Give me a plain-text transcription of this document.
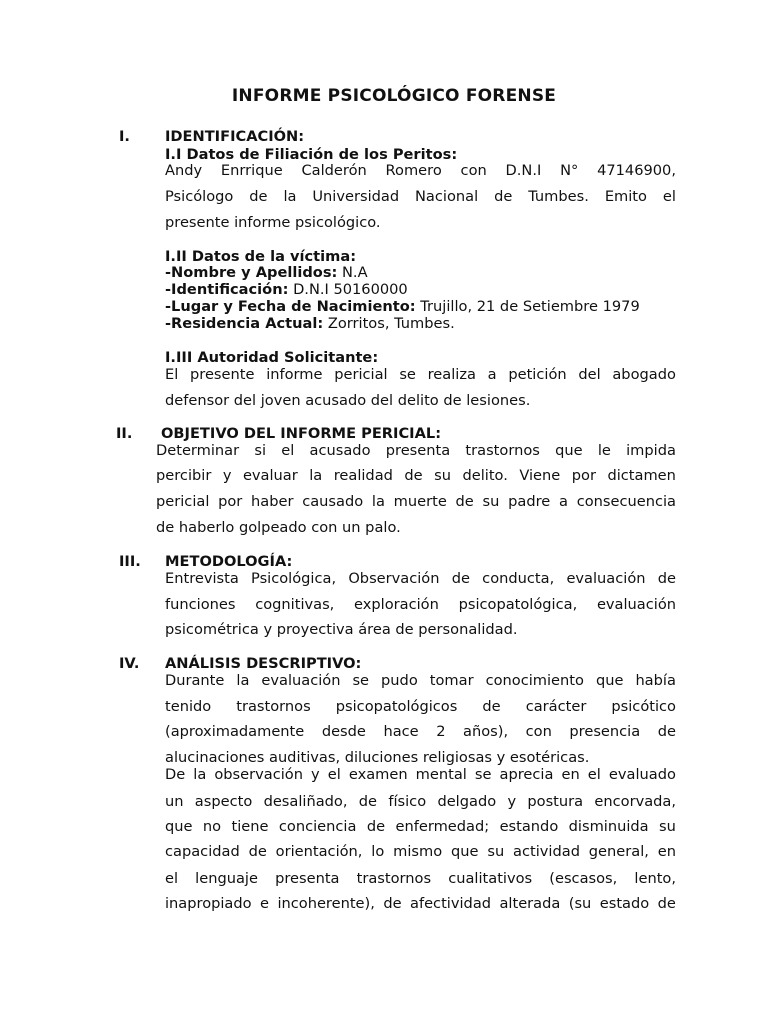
INFORME PSICOLÓGICO FORENSE
I. IDENTIFICACIÓN:
I.I Datos de Filiación de los Peritos:
Andy Enrrique Calderón Romero con D.N.I N° 47146900,
Psicólogo de la Universidad Nacional de Tumbes. Emito el
presente informe psicológico.
I.II Datos de la víctima:
-Nombre y Apellidos: N.A
-Identificación: D.N.I 50160000
-Lugar y Fecha de Nacimiento: Trujillo, 21 de Setiembre 1979
-Residencia Actual: Zorritos, Tumbes.
I.III Autoridad Solicitante:
El presente informe pericial se realiza a petición del abogado
defensor del joven acusado del delito de lesiones.
II. OBJETIVO DEL INFORME PERICIAL:
Determinar si el acusado presenta trastornos que le impida
percibir y evaluar la realidad de su delito. Viene por dictamen
pericial por haber causado la muerte de su padre a consecuencia
de haberlo golpeado con un palo.
III. METODOLOGÍA:
Entrevista Psicológica, Observación de conducta, evaluación de
funciones cognitivas, exploración psicopatológica, evaluación
psicométrica y proyectiva área de personalidad.
IV. ANÁLISIS DESCRIPTIVO:
Durante la evaluación se pudo tomar conocimiento que había
tenido trastornos psicopatológicos de carácter psicótico
(aproximadamente desde hace 2 años), con presencia de
alucinaciones auditivas, diluciones religiosas y esotéricas.
De la observación y el examen mental se aprecia en el evaluado
un aspecto desaliñado, de físico delgado y postura encorvada,
que no tiene conciencia de enfermedad; estando disminuida su
capacidad de orientación, lo mismo que su actividad general, en
el lenguaje presenta trastornos cualitativos (escasos, lento,
inapropiado e incoherente), de afectividad alterada (su estado de
